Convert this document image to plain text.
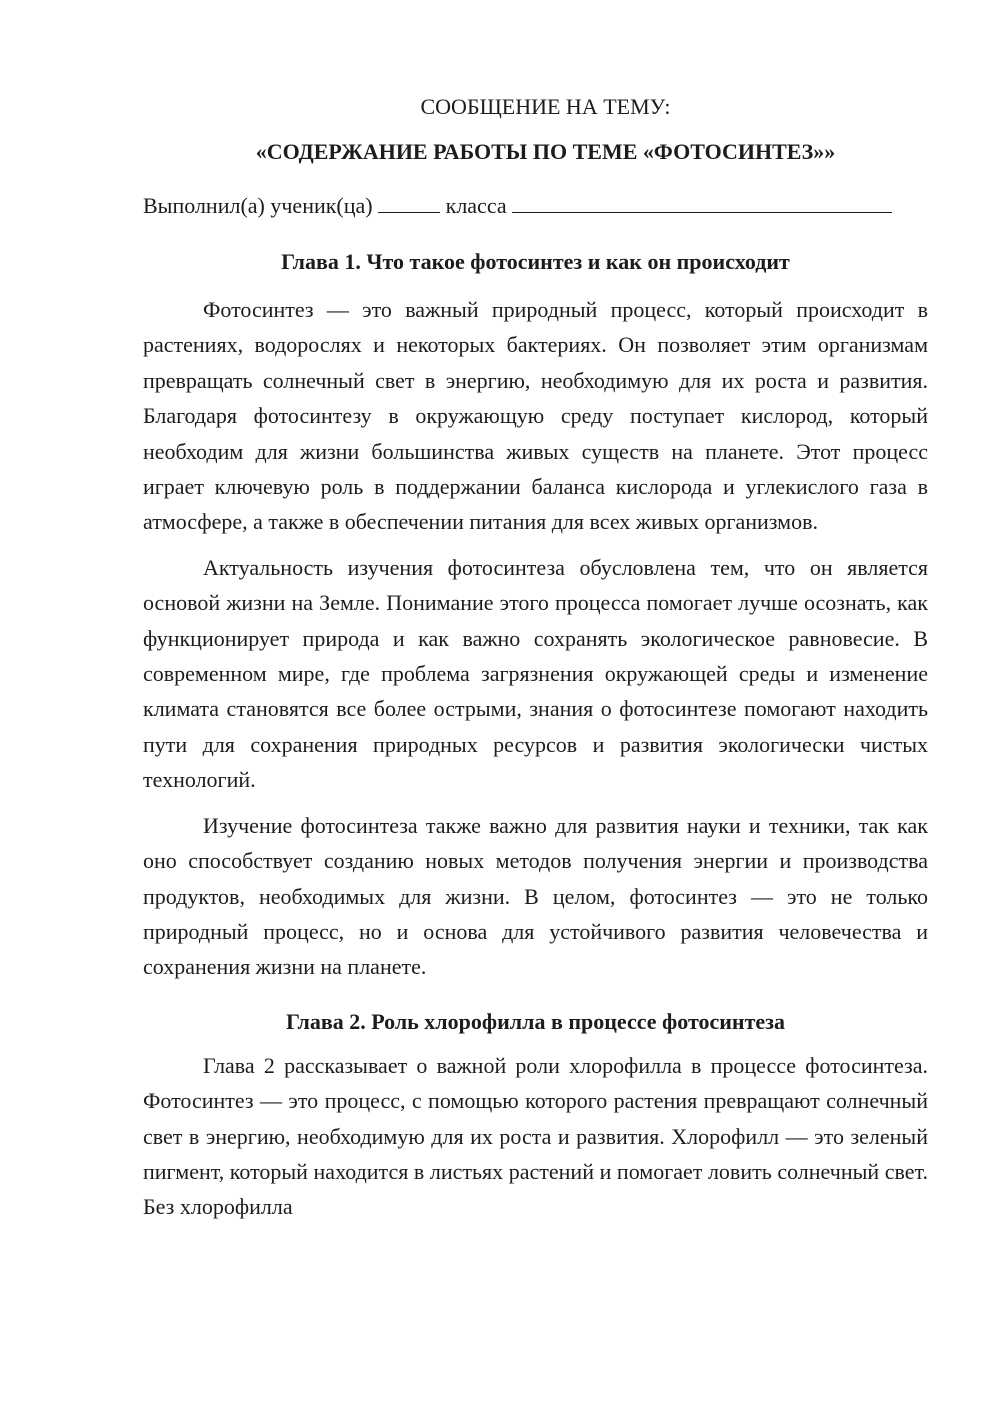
СООБЩЕНИЕ НА ТЕМУ:

«СОДЕРЖАНИЕ РАБОТЫ ПО ТЕМЕ «ФОТОСИНТЕЗ»»

Выполнил(а) ученик(ца)	класса

Глава 1. Что такое фотосинтез и как он происходит

Фотосинтез — это важный природный процесс, который происходит в растениях, водорослях и некоторых бактериях. Он позволяет этим организмам превращать солнечный свет в энергию, необходимую для их роста и развития. Благодаря фотосинтезу в окружающую среду поступает кислород, который необходим для жизни большинства живых существ на планете. Этот процесс играет ключевую роль в поддержании баланса кислорода и углекислого газа в атмосфере, а также в обеспечении питания для всех живых организмов.

Актуальность изучения фотосинтеза обусловлена тем, что он является основой жизни на Земле. Понимание этого процесса помогает лучше осознать, как функционирует природа и как важно сохранять экологическое равновесие. В современном мире, где проблема загрязнения окружающей среды и изменение климата становятся все более острыми, знания о фотосинтезе помогают находить пути для сохранения природных ресурсов и развития экологически чистых технологий.

Изучение фотосинтеза также важно для развития науки и техники, так как оно способствует созданию новых методов получения энергии и производства продуктов, необходимых для жизни. В целом, фотосинтез — это не только природный процесс, но и основа для устойчивого развития человечества и сохранения жизни на планете.

Глава 2. Роль хлорофилла в процессе фотосинтеза

Глава 2 рассказывает о важной роли хлорофилла в процессе фотосинтеза. Фотосинтез — это процесс, с помощью которого растения превращают солнечный свет в энергию, необходимую для их роста и развития. Хлорофилл — это зеленый пигмент, который находится в листьях растений и помогает ловить солнечный свет. Без хлорофилла
